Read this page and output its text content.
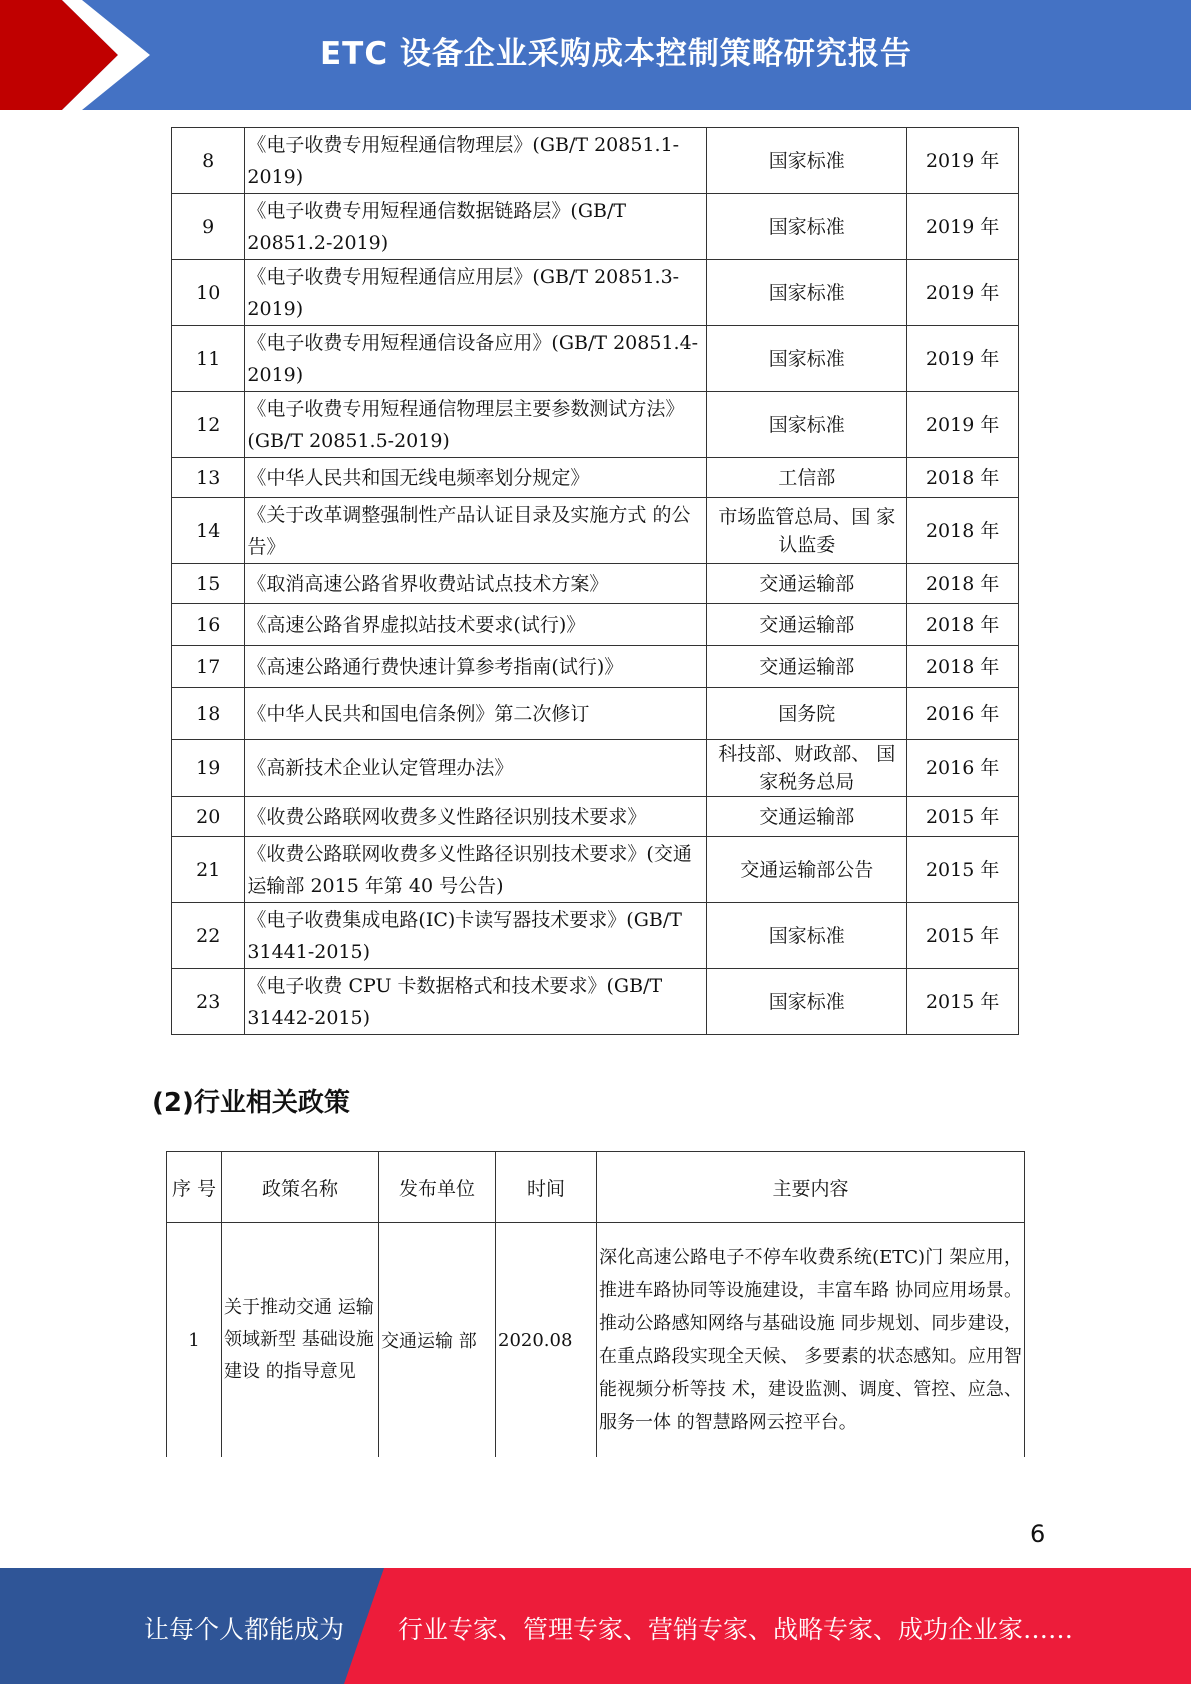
ETC 设备企业采购成本控制策略研究报告
8	《电子收费专用短程通信物理层》(GB/T 20851.1-2019)	国家标准	2019 年
9	《电子收费专用短程通信数据链路层》(GB/T 20851.2-2019)	国家标准	2019 年
10	《电子收费专用短程通信应用层》(GB/T 20851.3-2019)	国家标准	2019 年
11	《电子收费专用短程通信设备应用》(GB/T 20851.4-2019)	国家标准	2019 年
12	《电子收费专用短程通信物理层主要参数测试方法》(GB/T 20851.5-2019)	国家标准	2019 年
13	《中华人民共和国无线电频率划分规定》	工信部	2018 年
14	《关于改革调整强制性产品认证目录及实施方式 的公告》	市场监管总局、国 家认监委	2018 年
15	《取消高速公路省界收费站试点技术方案》	交通运输部	2018 年
16	《高速公路省界虚拟站技术要求(试行)》	交通运输部	2018 年
17	《高速公路通行费快速计算参考指南(试行)》	交通运输部	2018 年
18	《中华人民共和国电信条例》第二次修订	国务院	2016 年
19	《高新技术企业认定管理办法》	科技部、财政部、 国家税务总局	2016 年
20	《收费公路联网收费多义性路径识别技术要求》	交通运输部	2015 年
21	《收费公路联网收费多义性路径识别技术要求》(交通运输部 2015 年第 40 号公告)	交通运输部公告	2015 年
22	《电子收费集成电路(IC)卡读写器技术要求》(GB/T 31441-2015)	国家标准	2015 年
23	《电子收费 CPU 卡数据格式和技术要求》(GB/T 31442-2015)	国家标准	2015 年
(2)行业相关政策
序 号	政策名称	发布单位	时间	主要内容
1	关于推动交通 运输领域新型 基础设施建设 的指导意见	交通运输 部	2020.08	深化高速公路电子不停车收费系统(ETC)门 架应用，推进车路协同等设施建设，丰富车路 协同应用场景。推动公路感知网络与基础设施 同步规划、同步建设，在重点路段实现全天候、 多要素的状态感知。应用智能视频分析等技 术，建设监测、调度、管控、应急、服务一体 的智慧路网云控平台。
6
让每个人都能成为 行业专家、管理专家、营销专家、战略专家、成功企业家……
